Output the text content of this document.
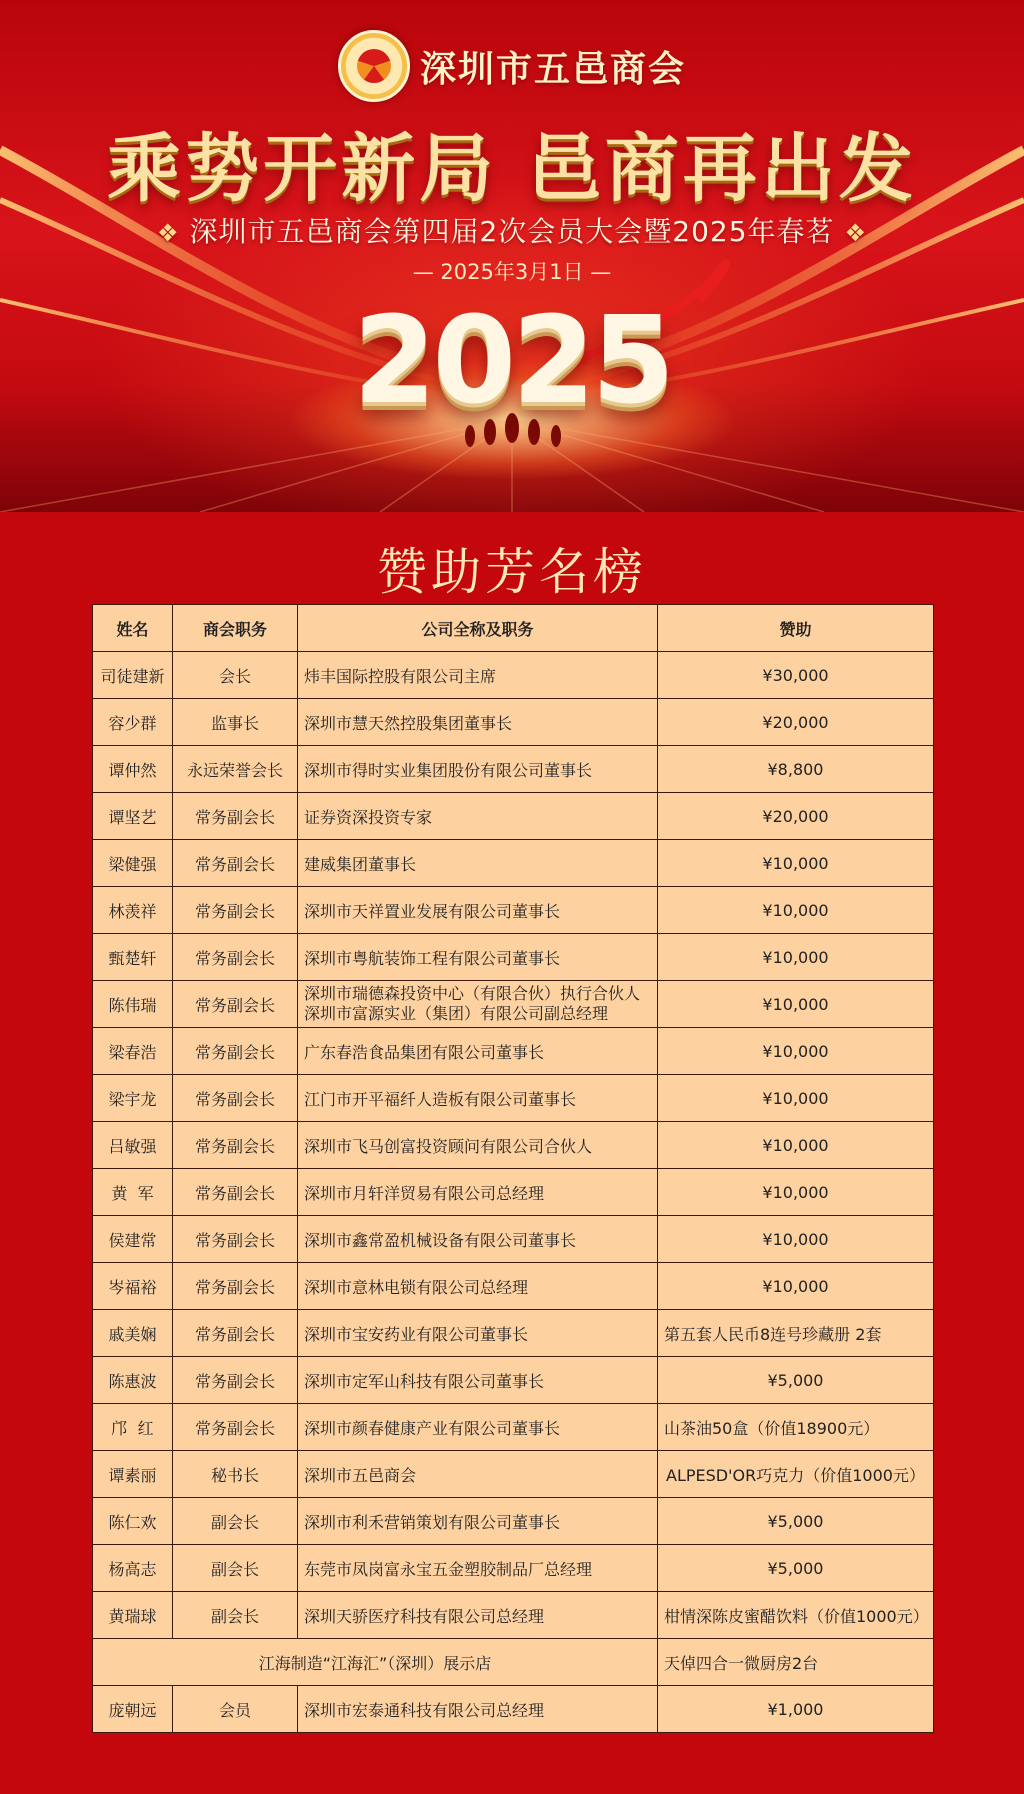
深圳市五邑商会
乘势开新局 邑商再出发
❖ 深圳市五邑商会第四届2次会员大会暨2025年春茗 ❖
— 2025年3月1日 —
2025
赞助芳名榜
姓名	商会职务	公司全称及职务	赞助
司徒建新	会长	炜丰国际控股有限公司主席	¥30,000
容少群	监事长	深圳市慧天然控股集团董事长	¥20,000
谭仲然	永远荣誉会长	深圳市得时实业集团股份有限公司董事长	¥8,800
谭坚艺	常务副会长	证券资深投资专家	¥20,000
梁健强	常务副会长	建威集团董事长	¥10,000
林羡祥	常务副会长	深圳市天祥置业发展有限公司董事长	¥10,000
甄楚轩	常务副会长	深圳市粤航装饰工程有限公司董事长	¥10,000
陈伟瑞	常务副会长	深圳市瑞德森投资中心（有限合伙）执行合伙人
深圳市富源实业（集团）有限公司副总经理	¥10,000
梁春浩	常务副会长	广东春浩食品集团有限公司董事长	¥10,000
梁宇龙	常务副会长	江门市开平福纤人造板有限公司董事长	¥10,000
吕敏强	常务副会长	深圳市飞马创富投资顾问有限公司合伙人	¥10,000
黄  军	常务副会长	深圳市月轩洋贸易有限公司总经理	¥10,000
侯建常	常务副会长	深圳市鑫常盈机械设备有限公司董事长	¥10,000
岑福裕	常务副会长	深圳市意林电锁有限公司总经理	¥10,000
戚美娴	常务副会长	深圳市宝安药业有限公司董事长	第五套人民币8连号珍藏册 2套
陈惠波	常务副会长	深圳市定军山科技有限公司董事长	¥5,000
邝  红	常务副会长	深圳市颜春健康产业有限公司董事长	山茶油50盒（价值18900元）
谭素丽	秘书长	深圳市五邑商会	ALPESD'OR巧克力（价值1000元）
陈仁欢	副会长	深圳市利禾营销策划有限公司董事长	¥5,000
杨高志	副会长	东莞市凤岗富永宝五金塑胶制品厂总经理	¥5,000
黄瑞球	副会长	深圳天骄医疗科技有限公司总经理	柑情深陈皮蜜醋饮料（价值1000元）
江海制造“江海汇”（深圳）展示店			天倬四合一微厨房2台
庞朝远	会员	深圳市宏泰通科技有限公司总经理	¥1,000
